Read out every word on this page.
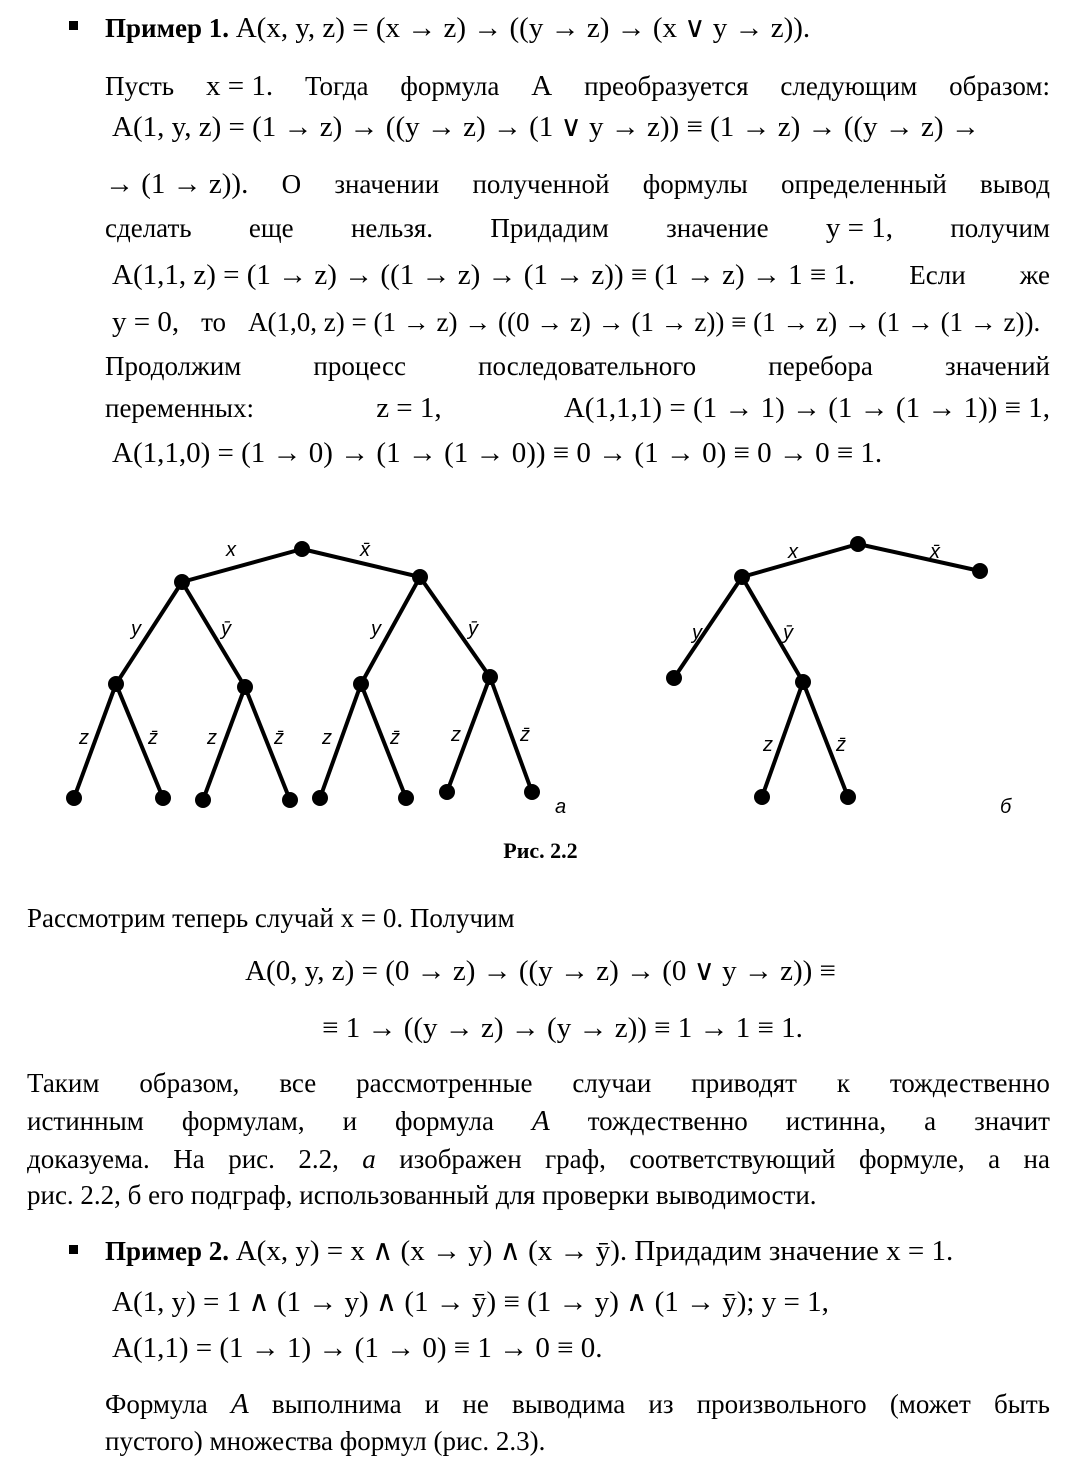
Пример 1. A(x, y, z) = (x → z) → ((y → z) → (x ∨ y → z)).
Пусть x = 1. Тогда формула A преобразуется следующим образом:
A(1, y, z) = (1 → z) → ((y → z) → (1 ∨ y → z)) ≡ (1 → z) → ((y → z) →
→ (1 → z)). О значении полученной формулы определенный вывод
сделать еще нельзя. Придадим значение y = 1, получим
A(1,1, z) = (1 → z) → ((1 → z) → (1 → z)) ≡ (1 → z) → 1 ≡ 1. Если же
y = 0, то A(1,0, z) = (1 → z) → ((0 → z) → (1 → z)) ≡ (1 → z) → (1 → (1 → z)).
Продолжим	процесс	последовательного	перебора	значений
переменных:	z = 1,	A(1,1,1) = (1 → 1) → (1 → (1 → 1)) ≡ 1,
A(1,1,0) = (1 → 0) → (1 → (1 → 0)) ≡ 0 → (1 → 0) ≡ 0 → 0 ≡ 1.
x	x̄
y	ȳ	y	ȳ
z	z̄ z	z̄ z	z̄	z	z̄
а
x	x̄
y	ȳ
z	z̄
б
Рис. 2.2
Рассмотрим теперь случай x = 0. Получим
A(0, y, z) = (0 → z) → ((y → z) → (0 ∨ y → z)) ≡
≡ 1 → ((y → z) → (y → z)) ≡ 1 → 1 ≡ 1.
Таким образом, все рассмотренные случаи приводят к тождественно
истинным формулам, и формула A тождественно истинна, а значит
доказуема. На рис. 2.2, а изображен граф, соответствующий формуле, а на
рис. 2.2, б его подграф, использованный для проверки выводимости.
Пример 2. A(x, y) = x ∧ (x → y) ∧ (x → ȳ). Придадим значение x = 1.
A(1, y) = 1 ∧ (1 → y) ∧ (1 → ȳ) ≡ (1 → y) ∧ (1 → ȳ); y = 1,
A(1,1) = (1 → 1) → (1 → 0) ≡ 1 → 0 ≡ 0.
Формула A выполнима и не выводима из произвольного (может быть
пустого) множества формул (рис. 2.3).
